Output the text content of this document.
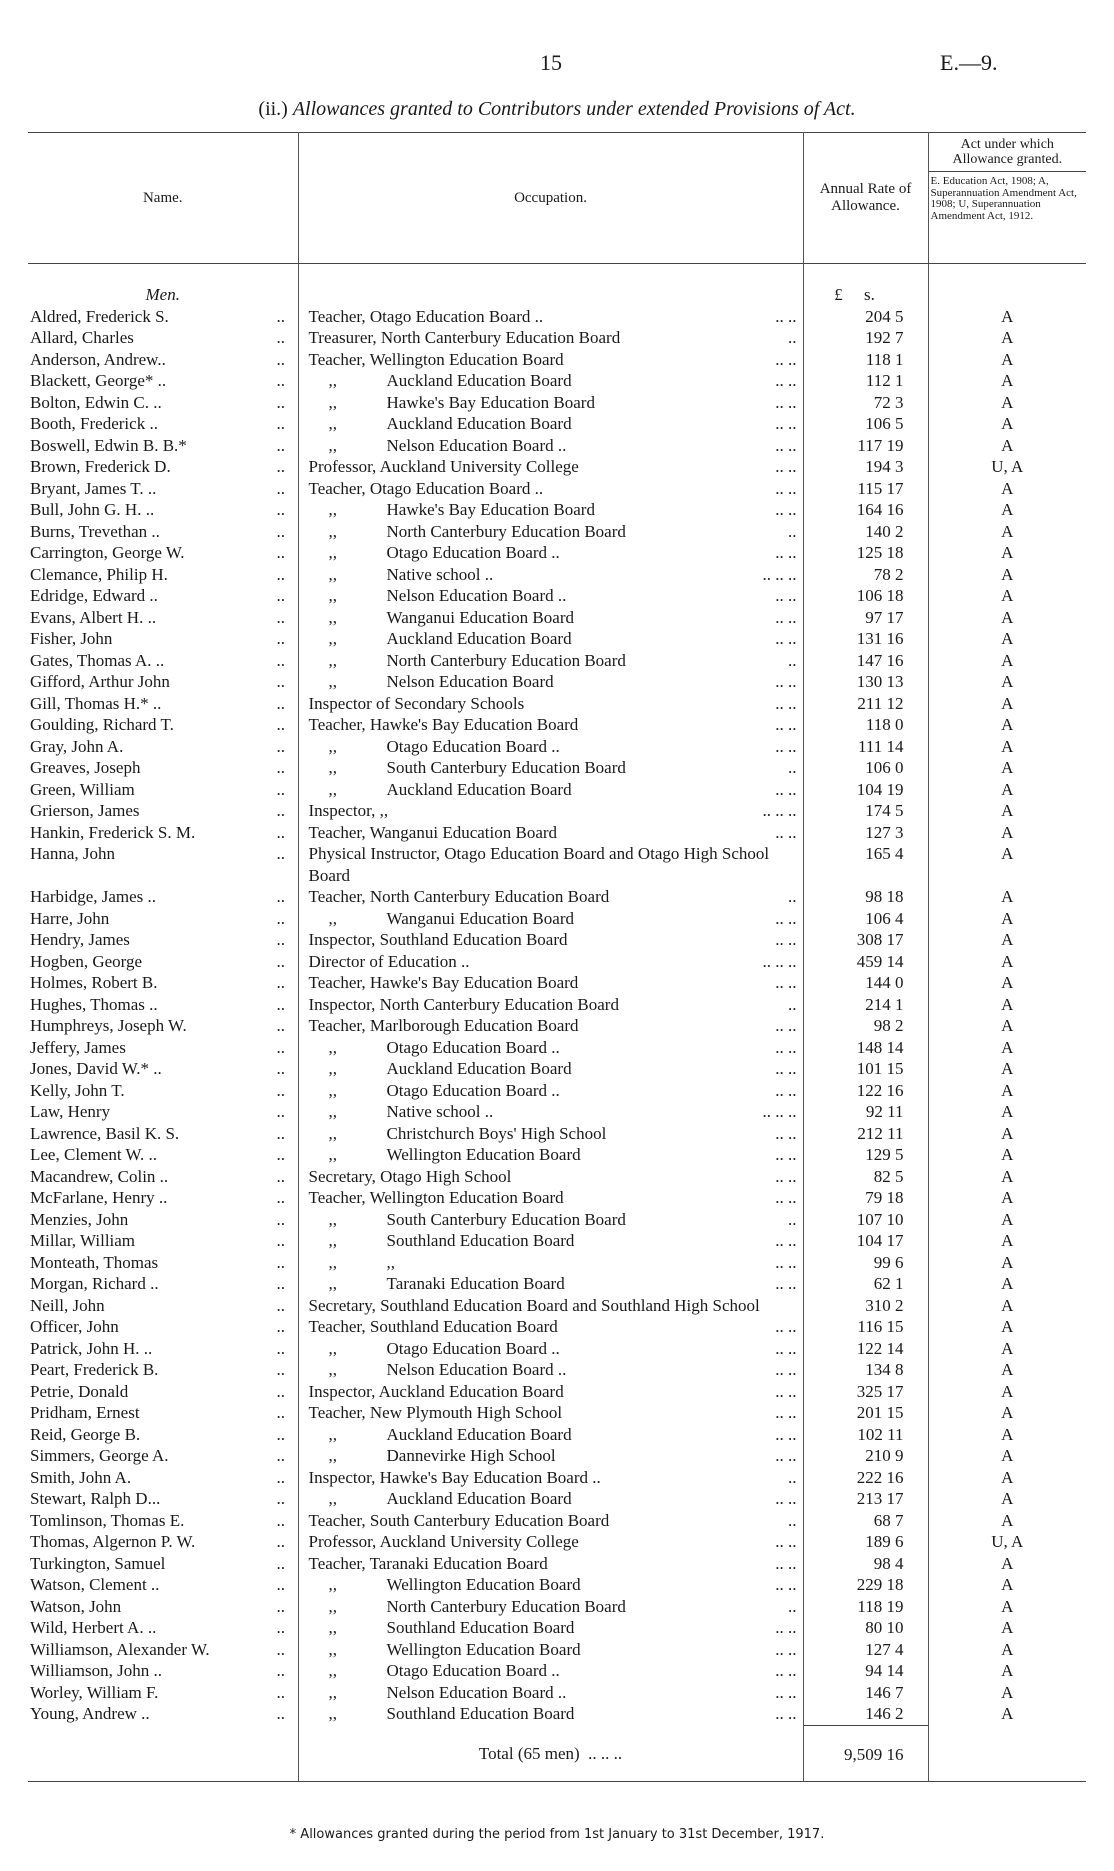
15	E.—9.
(ii.) Allowances granted to Contributors under extended Provisions of Act.
Name.		Occupation.	Annual Rate of Allowance.	Act under which Allowance granted.
E. Education Act, 1908; A, Superannuation Amendment Act, 1908; U, Superannuation Amendment Act, 1912.

Men.			£ s.	
Aldred, Frederick S.	..	Teacher, Otago Education Board .. .. ..	204 5	A
Allard, Charles	..	Treasurer, North Canterbury Education Board ..	192 7	A
Anderson, Andrew..	..	Teacher, Wellington Education Board .. ..	118 1	A
Blackett, George* ..	..	,, Auckland Education Board .. ..	112 1	A
Bolton, Edwin C. ..	..	,, Hawke's Bay Education Board .. ..	72 3	A
Booth, Frederick ..	..	,, Auckland Education Board .. ..	106 5	A
Boswell, Edwin B. B.*	..	,, Nelson Education Board .. .. ..	117 19	A
Brown, Frederick D.	..	Professor, Auckland University College .. ..	194 3	U, A
Bryant, James T. ..	..	Teacher, Otago Education Board .. .. ..	115 17	A
Bull, John G. H. ..	..	,, Hawke's Bay Education Board .. ..	164 16	A
Burns, Trevethan ..	..	,, North Canterbury Education Board ..	140 2	A
Carrington, George W.	..	,, Otago Education Board .. .. ..	125 18	A
Clemance, Philip H.	..	,, Native school .. .. .. ..	78 2	A
Edridge, Edward ..	..	,, Nelson Education Board .. .. ..	106 18	A
Evans, Albert H. ..	..	,, Wanganui Education Board .. ..	97 17	A
Fisher, John	..	,, Auckland Education Board .. ..	131 16	A
Gates, Thomas A. ..	..	,, North Canterbury Education Board ..	147 16	A
Gifford, Arthur John	..	,, Nelson Education Board .. ..	130 13	A
Gill, Thomas H.* ..	..	Inspector of Secondary Schools .. ..	211 12	A
Goulding, Richard T.	..	Teacher, Hawke's Bay Education Board .. ..	118 0	A
Gray, John A.	..	,, Otago Education Board .. .. ..	111 14	A
Greaves, Joseph	..	,, South Canterbury Education Board ..	106 0	A
Green, William	..	,, Auckland Education Board .. ..	104 19	A
Grierson, James	..	Inspector, ,, .. .. ..	174 5	A
Hankin, Frederick S. M.	..	Teacher, Wanganui Education Board .. ..	127 3	A
Hanna, John	..	Physical Instructor, Otago Education Board and Otago High School Board	165 4	A
Harbidge, James ..	..	Teacher, North Canterbury Education Board ..	98 18	A
Harre, John	..	,, Wanganui Education Board .. ..	106 4	A
Hendry, James	..	Inspector, Southland Education Board .. ..	308 17	A
Hogben, George	..	Director of Education .. .. .. ..	459 14	A
Holmes, Robert B.	..	Teacher, Hawke's Bay Education Board .. ..	144 0	A
Hughes, Thomas ..	..	Inspector, North Canterbury Education Board ..	214 1	A
Humphreys, Joseph W.	..	Teacher, Marlborough Education Board .. ..	98 2	A
Jeffery, James	..	,, Otago Education Board .. .. ..	148 14	A
Jones, David W.* ..	..	,, Auckland Education Board .. ..	101 15	A
Kelly, John T.	..	,, Otago Education Board .. .. ..	122 16	A
Law, Henry	..	,, Native school .. .. .. ..	92 11	A
Lawrence, Basil K. S.	..	,, Christchurch Boys' High School .. ..	212 11	A
Lee, Clement W. ..	..	,, Wellington Education Board .. ..	129 5	A
Macandrew, Colin ..	..	Secretary, Otago High School .. ..	82 5	A
McFarlane, Henry ..	..	Teacher, Wellington Education Board .. ..	79 18	A
Menzies, John	..	,, South Canterbury Education Board ..	107 10	A
Millar, William	..	,, Southland Education Board .. ..	104 17	A
Monteath, Thomas	..	,, ,, .. ..	99 6	A
Morgan, Richard ..	..	,, Taranaki Education Board .. ..	62 1	A
Neill, John	..	Secretary, Southland Education Board and Southland High School	310 2	A
Officer, John	..	Teacher, Southland Education Board .. ..	116 15	A
Patrick, John H. ..	..	,, Otago Education Board .. .. ..	122 14	A
Peart, Frederick B.	..	,, Nelson Education Board .. .. ..	134 8	A
Petrie, Donald	..	Inspector, Auckland Education Board .. ..	325 17	A
Pridham, Ernest	..	Teacher, New Plymouth High School .. ..	201 15	A
Reid, George B.	..	,, Auckland Education Board .. ..	102 11	A
Simmers, George A.	..	,, Dannevirke High School .. ..	210 9	A
Smith, John A.	..	Inspector, Hawke's Bay Education Board .. ..	222 16	A
Stewart, Ralph D...	..	,, Auckland Education Board .. ..	213 17	A
Tomlinson, Thomas E.	..	Teacher, South Canterbury Education Board ..	68 7	A
Thomas, Algernon P. W.	..	Professor, Auckland University College .. ..	189 6	U, A
Turkington, Samuel	..	Teacher, Taranaki Education Board .. ..	98 4	A
Watson, Clement ..	..	,, Wellington Education Board .. ..	229 18	A
Watson, John	..	,, North Canterbury Education Board ..	118 19	A
Wild, Herbert A. ..	..	,, Southland Education Board .. ..	80 10	A
Williamson, Alexander W.	..	,, Wellington Education Board .. ..	127 4	A
Williamson, John ..	..	,, Otago Education Board .. .. ..	94 14	A
Worley, William F.	..	,, Nelson Education Board .. .. ..	146 7	A
Young, Andrew ..	..	,, Southland Education Board .. ..	146 2	A
		Total (65 men) .. .. ..	9,509 16	
* Allowances granted during the period from 1st January to 31st December, 1917.
